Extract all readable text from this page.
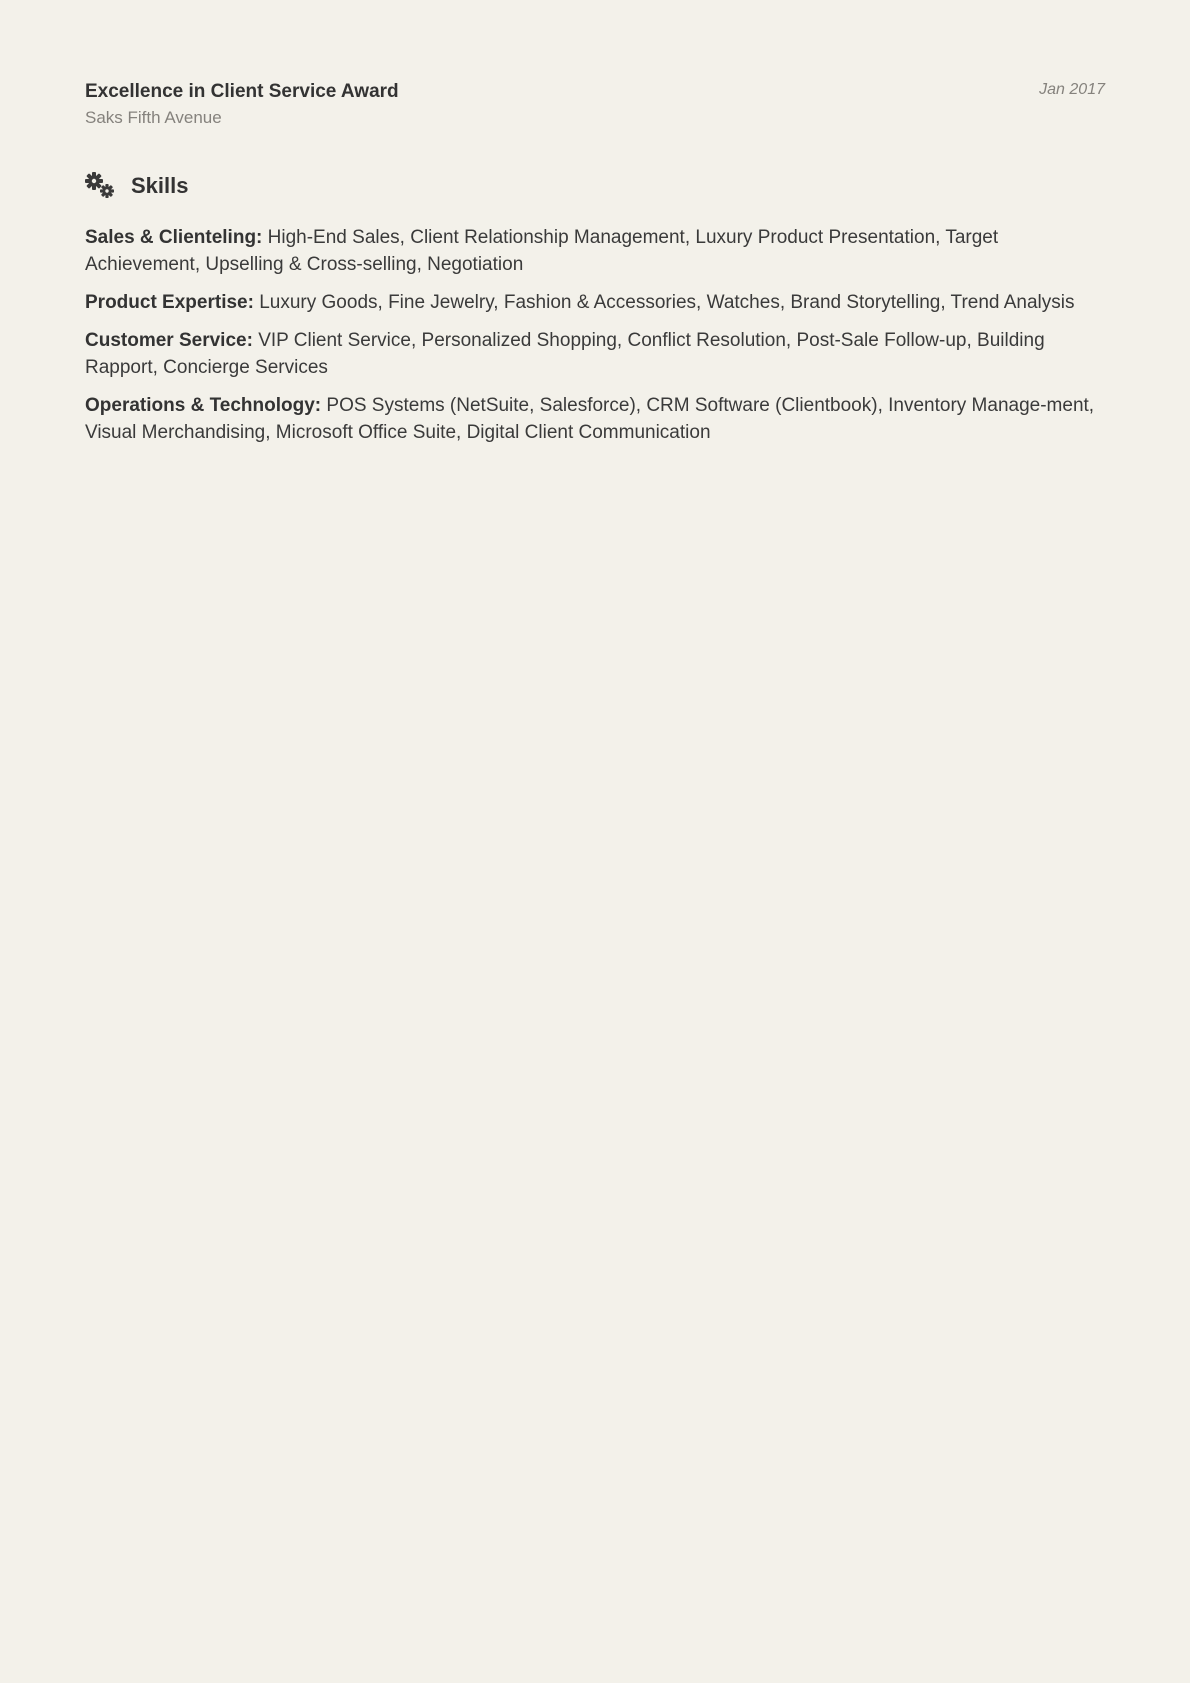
Excellence in Client Service Award

Saks Fifth Avenue

Jan 2017
Skills

Sales & Clienteling: High-End Sales, Client Relationship Management, Luxury Product Presentation, Target Achievement, Upselling & Cross-selling, Negotiation

Product Expertise: Luxury Goods, Fine Jewelry, Fashion & Accessories, Watches, Brand Storytelling, Trend Analysis

Customer Service: VIP Client Service, Personalized Shopping, Conflict Resolution, Post-Sale Follow-up, Building Rapport, Concierge Services

Operations & Technology: POS Systems (NetSuite, Salesforce), CRM Software (Clientbook), Inventory Manage-ment, Visual Merchandising, Microsoft Office Suite, Digital Client Communication
